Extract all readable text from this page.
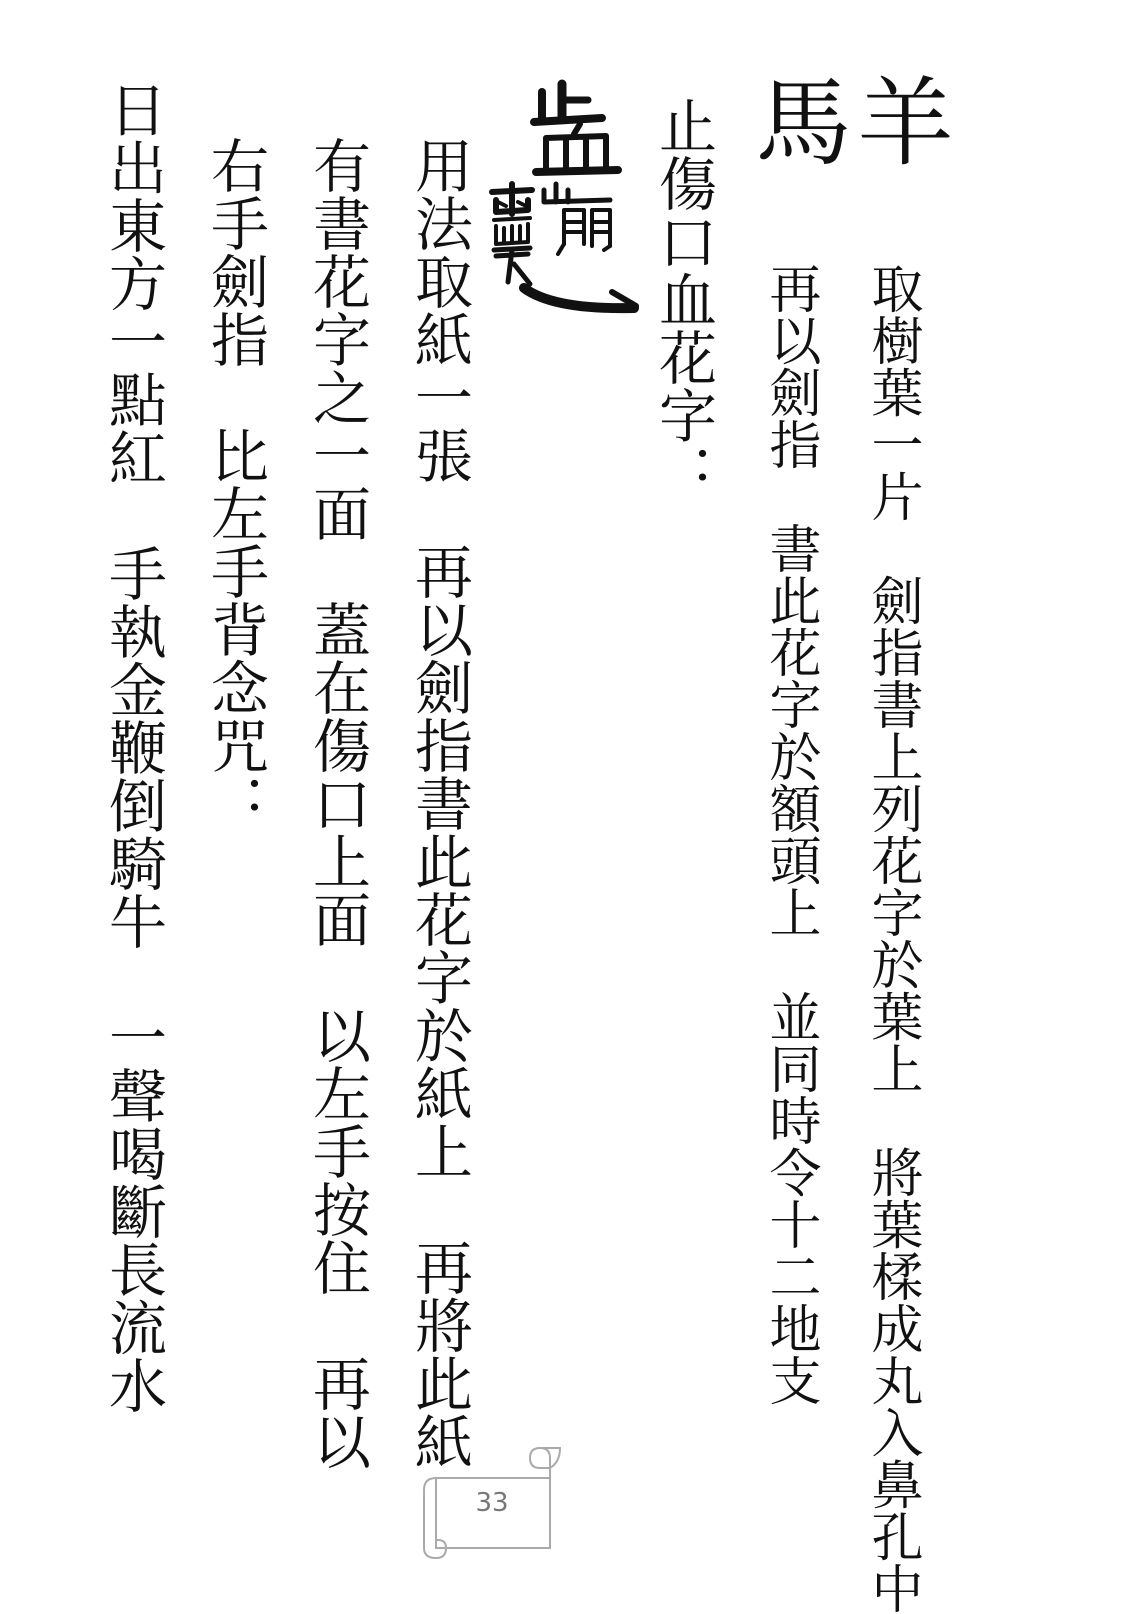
羊
馬
取樹葉一片　劍指書上列花字於葉上　將葉楺成丸入鼻孔中
再以劍指　書此花字於額頭上　並同時令十二地支
止傷口血花字：
用法取紙一張　再以劍指書此花字於紙上　再將此紙
有書花字之一面　蓋在傷口上面　以左手按住　再以
右手劍指　比左手背念咒：
日出東方一點紅　手執金鞭倒騎牛　一聲喝斷長流水
33
